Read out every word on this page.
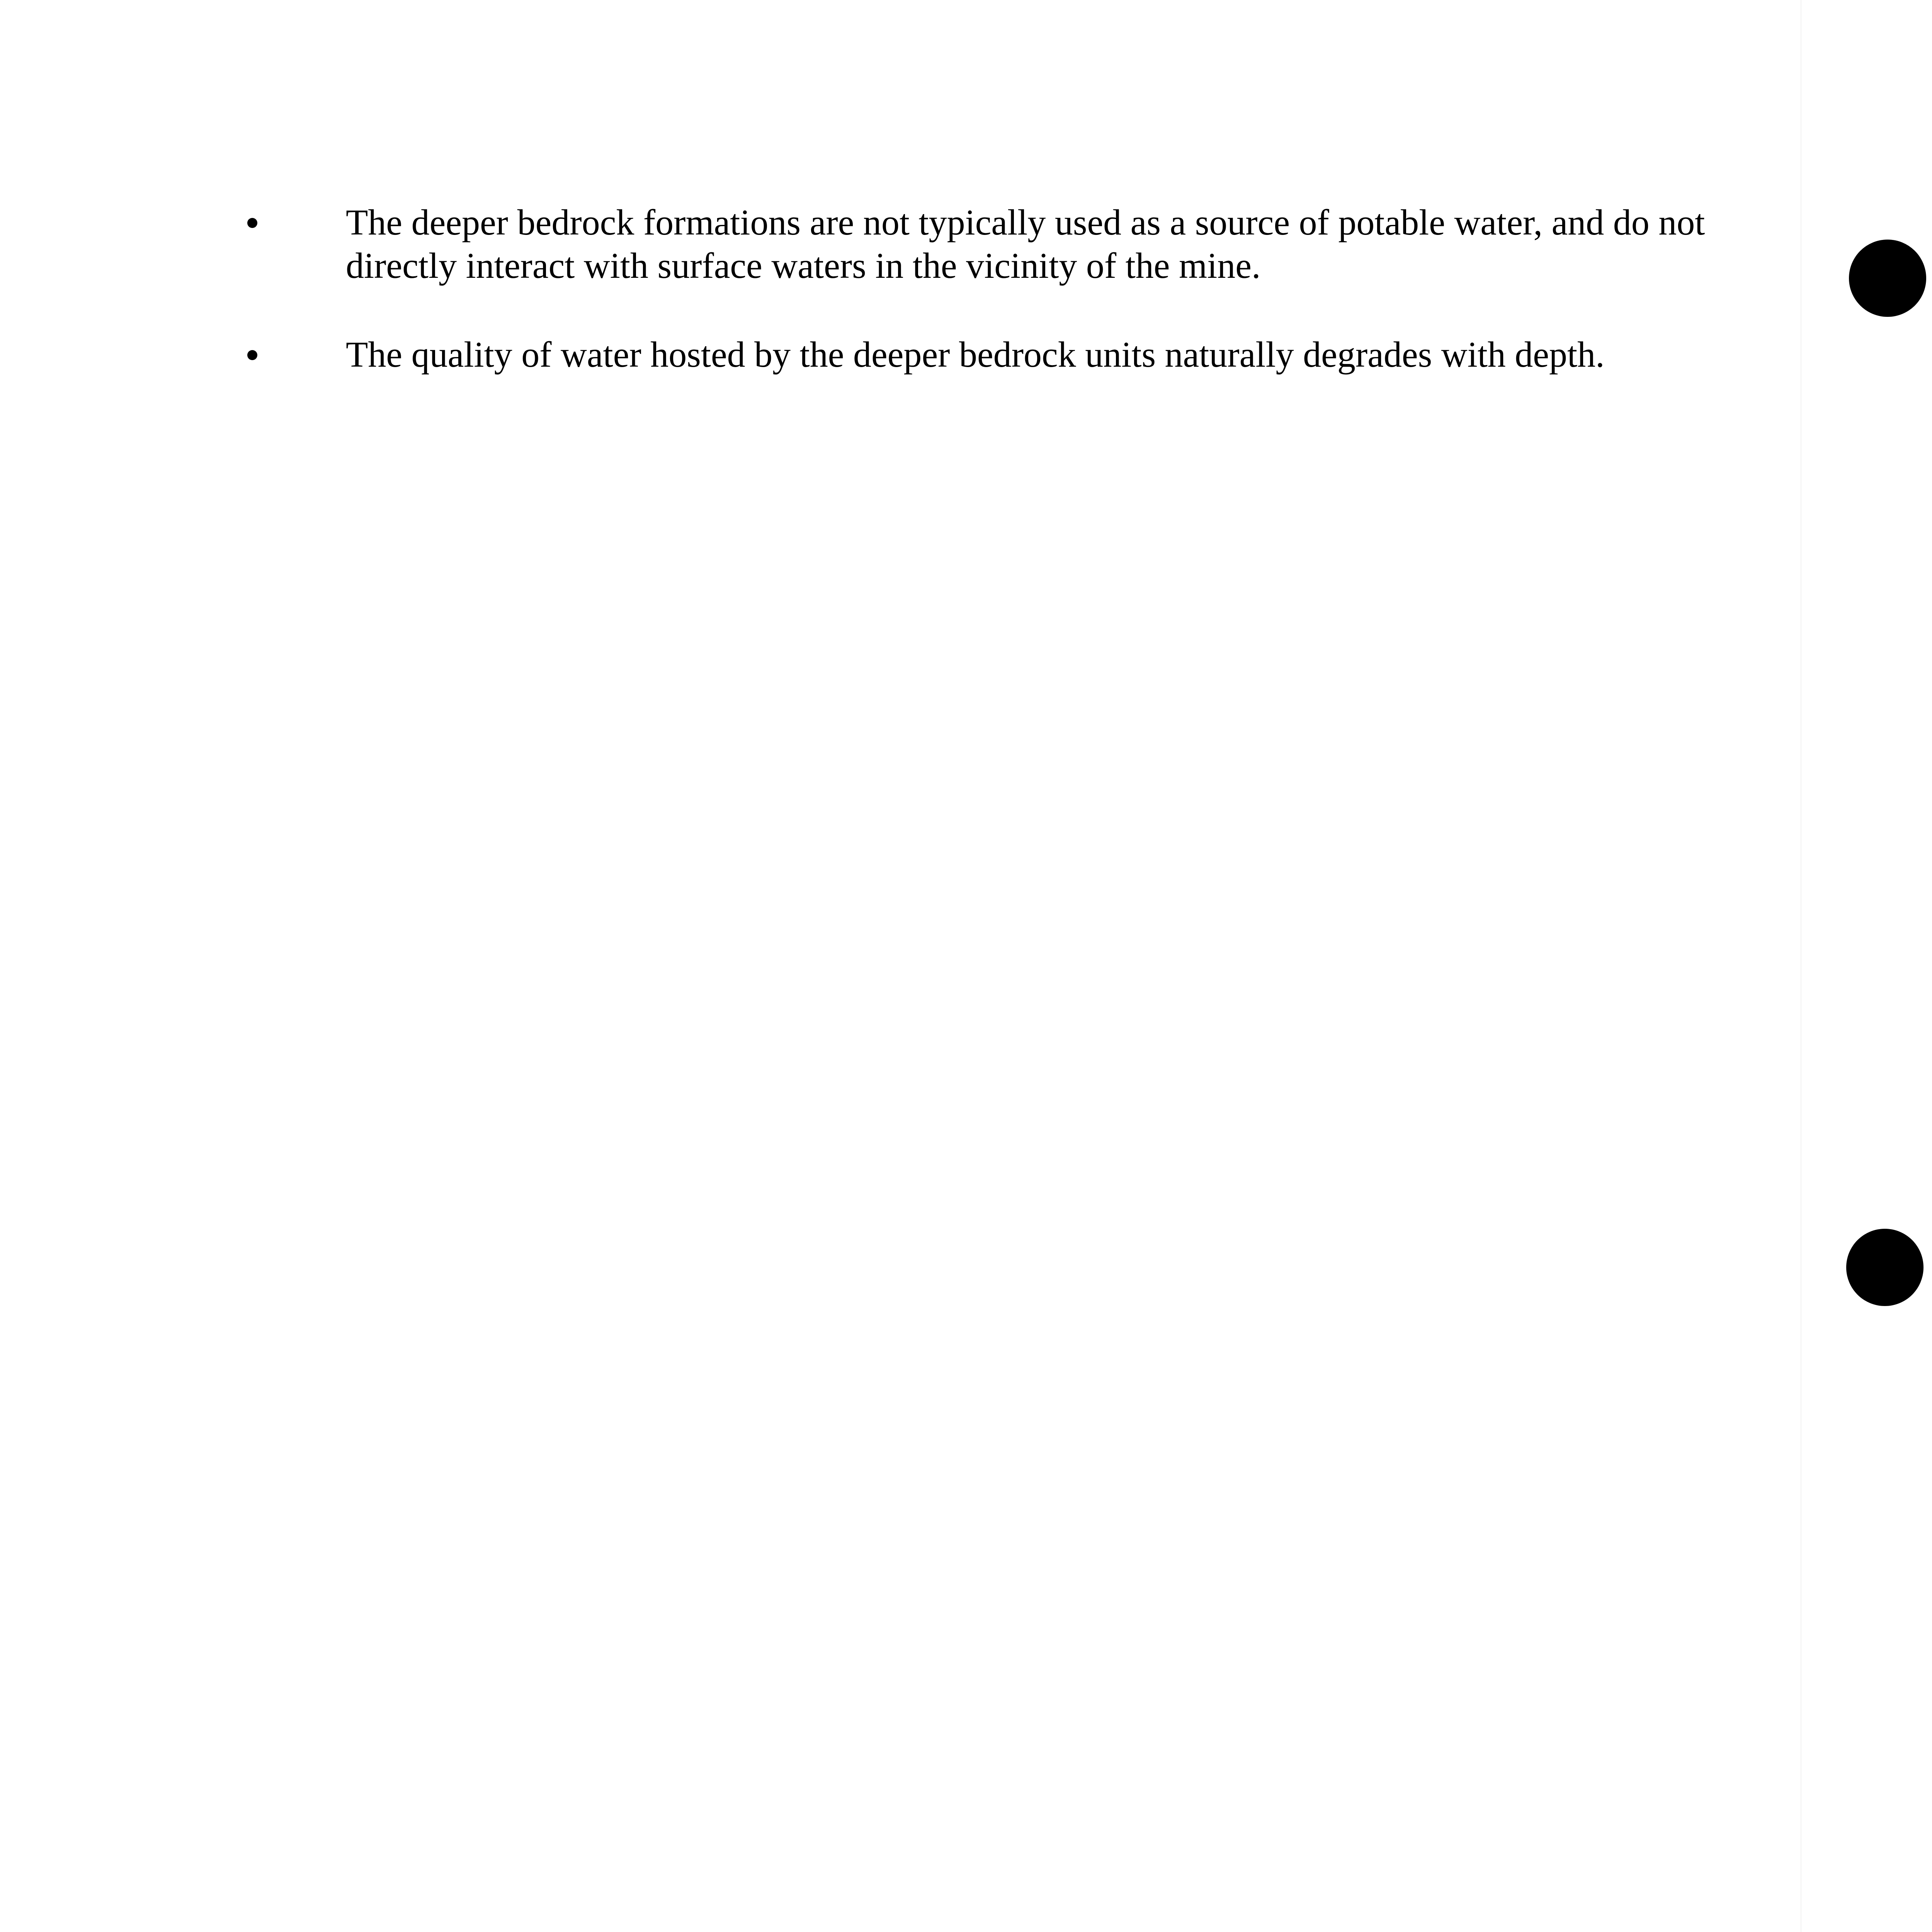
The deeper bedrock formations are not typically used as a source of potable water, and do not directly interact with surface waters in the vicinity of the mine.
The quality of water hosted by the deeper bedrock units naturally degrades with depth.
